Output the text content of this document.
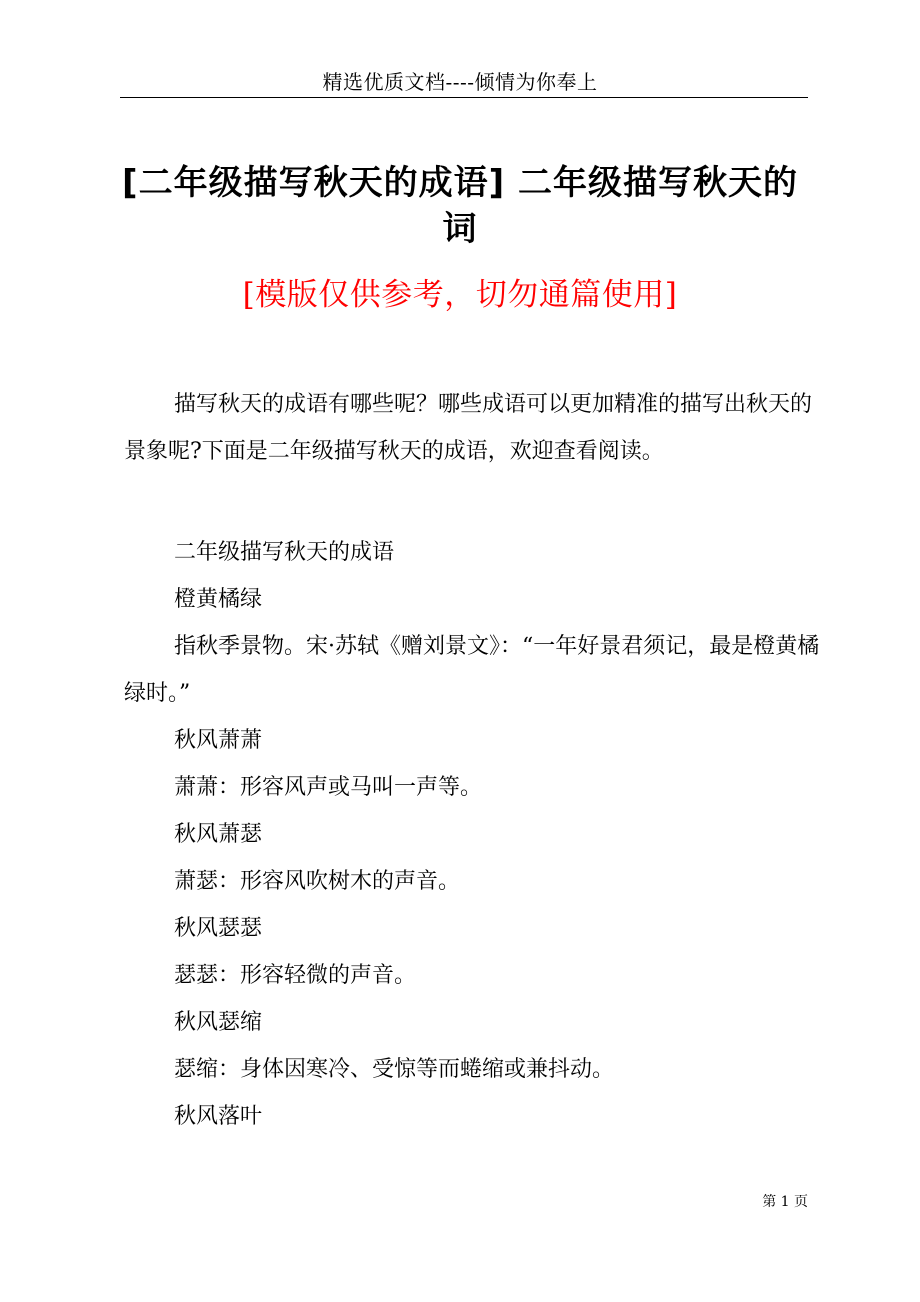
精选优质文档----倾情为你奉上
[二年级描写秋天的成语] 二年级描写秋天的词
[模版仅供参考，切勿通篇使用]
描写秋天的成语有哪些呢？哪些成语可以更加精准的描写出秋天的景象呢?下面是二年级描写秋天的成语，欢迎查看阅读。

二年级描写秋天的成语

橙黄橘绿

指秋季景物。宋·苏轼《赠刘景文》：“一年好景君须记，最是橙黄橘绿时。”

秋风萧萧

萧萧：形容风声或马叫一声等。

秋风萧瑟

萧瑟：形容风吹树木的声音。

秋风瑟瑟

瑟瑟：形容轻微的声音。

秋风瑟缩

瑟缩：身体因寒冷、受惊等而蜷缩或兼抖动。

秋风落叶

第 1 页
